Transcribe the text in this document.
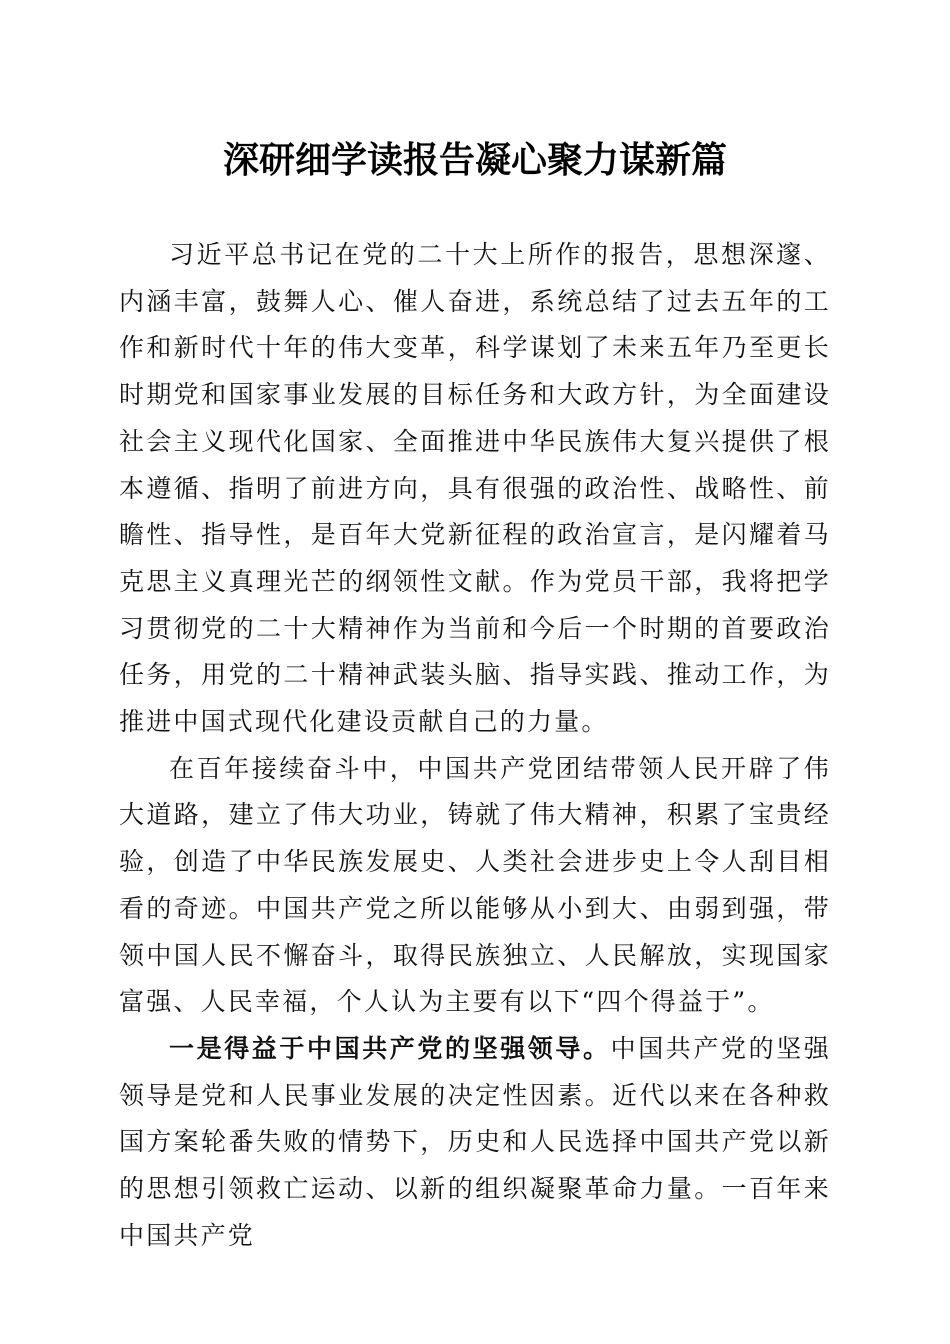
深研细学读报告凝心聚力谋新篇

习近平总书记在党的二十大上所作的报告，思想深邃、内涵丰富，鼓舞人心、催人奋进，系统总结了过去五年的工作和新时代十年的伟大变革，科学谋划了未来五年乃至更长时期党和国家事业发展的目标任务和大政方针，为全面建设社会主义现代化国家、全面推进中华民族伟大复兴提供了根本遵循、指明了前进方向，具有很强的政治性、战略性、前瞻性、指导性，是百年大党新征程的政治宣言，是闪耀着马克思主义真理光芒的纲领性文献。作为党员干部，我将把学习贯彻党的二十大精神作为当前和今后一个时期的首要政治任务，用党的二十精神武装头脑、指导实践、推动工作，为推进中国式现代化建设贡献自己的力量。

在百年接续奋斗中，中国共产党团结带领人民开辟了伟大道路，建立了伟大功业，铸就了伟大精神，积累了宝贵经验，创造了中华民族发展史、人类社会进步史上令人刮目相看的奇迹。中国共产党之所以能够从小到大、由弱到强，带领中国人民不懈奋斗，取得民族独立、人民解放，实现国家富强、人民幸福，个人认为主要有以下“四个得益于”。

一是得益于中国共产党的坚强领导。中国共产党的坚强领导是党和人民事业发展的决定性因素。近代以来在各种救国方案轮番失败的情势下，历史和人民选择中国共产党以新的思想引领救亡运动、以新的组织凝聚革命力量。一百年来中国共产党
